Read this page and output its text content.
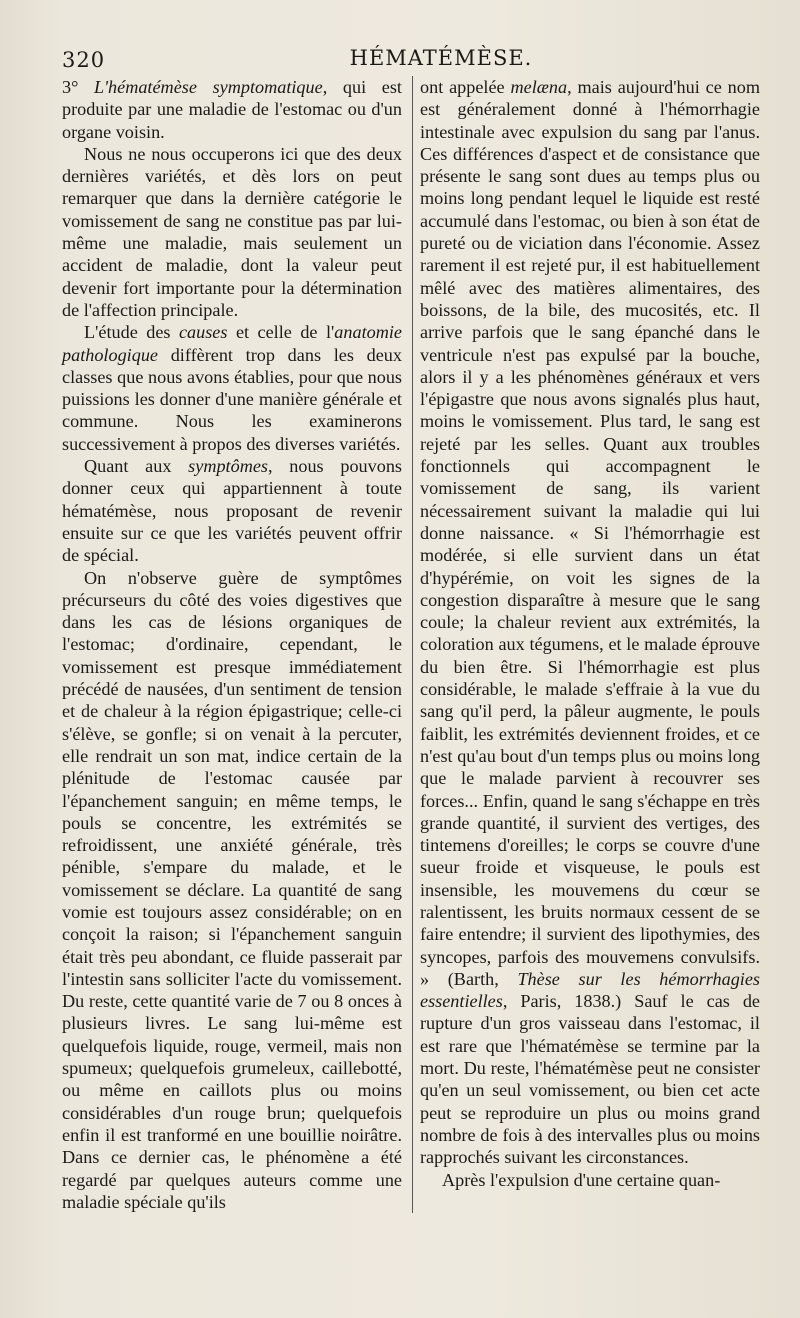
320	HÉMATÉMÈSE.

3° L'hématémèse symptomatique, qui est produite par une maladie de l'estomac ou d'un organe voisin.

Nous ne nous occuperons ici que des deux dernières variétés, et dès lors on peut remarquer que dans la dernière catégorie le vomissement de sang ne constitue pas par lui-même une maladie, mais seulement un accident de maladie, dont la valeur peut devenir fort importante pour la détermination de l'affection principale.

L'étude des causes et celle de l'anatomie pathologique diffèrent trop dans les deux classes que nous avons établies, pour que nous puissions les donner d'une manière générale et commune. Nous les examinerons successivement à propos des diverses variétés.

Quant aux symptômes, nous pouvons donner ceux qui appartiennent à toute hématémèse, nous proposant de revenir ensuite sur ce que les variétés peuvent offrir de spécial.

On n'observe guère de symptômes précurseurs du côté des voies digestives que dans les cas de lésions organiques de l'estomac; d'ordinaire, cependant, le vomissement est presque immédiatement précédé de nausées, d'un sentiment de tension et de chaleur à la région épigastrique; celle-ci s'élève, se gonfle; si on venait à la percuter, elle rendrait un son mat, indice certain de la plénitude de l'estomac causée par l'épanchement sanguin; en même temps, le pouls se concentre, les extrémités se refroidissent, une anxiété générale, très pénible, s'empare du malade, et le vomissement se déclare. La quantité de sang vomie est toujours assez considérable; on en conçoit la raison; si l'épanchement sanguin était très peu abondant, ce fluide passerait par l'intestin sans solliciter l'acte du vomissement. Du reste, cette quantité varie de 7 ou 8 onces à plusieurs livres. Le sang lui-même est quelquefois liquide, rouge, vermeil, mais non spumeux; quelquefois grumeleux, caillebotté, ou même en caillots plus ou moins considérables d'un rouge brun; quelquefois enfin il est tranformé en une bouillie noirâtre. Dans ce dernier cas, le phénomène a été regardé par quelques auteurs comme une maladie spéciale qu'ils

ont appelée melæna, mais aujourd'hui ce nom est généralement donné à l'hémorrhagie intestinale avec expulsion du sang par l'anus. Ces différences d'aspect et de consistance que présente le sang sont dues au temps plus ou moins long pendant lequel le liquide est resté accumulé dans l'estomac, ou bien à son état de pureté ou de viciation dans l'économie. Assez rarement il est rejeté pur, il est habituellement mêlé avec des matières alimentaires, des boissons, de la bile, des mucosités, etc. Il arrive parfois que le sang épanché dans le ventricule n'est pas expulsé par la bouche, alors il y a les phénomènes généraux et vers l'épigastre que nous avons signalés plus haut, moins le vomissement. Plus tard, le sang est rejeté par les selles. Quant aux troubles fonctionnels qui accompagnent le vomissement de sang, ils varient nécessairement suivant la maladie qui lui donne naissance. « Si l'hémorrhagie est modérée, si elle survient dans un état d'hypérémie, on voit les signes de la congestion disparaître à mesure que le sang coule; la chaleur revient aux extrémités, la coloration aux tégumens, et le malade éprouve du bien être. Si l'hémorrhagie est plus considérable, le malade s'effraie à la vue du sang qu'il perd, la pâleur augmente, le pouls faiblit, les extrémités deviennent froides, et ce n'est qu'au bout d'un temps plus ou moins long que le malade parvient à recouvrer ses forces... Enfin, quand le sang s'échappe en très grande quantité, il survient des vertiges, des tintemens d'oreilles; le corps se couvre d'une sueur froide et visqueuse, le pouls est insensible, les mouvemens du cœur se ralentissent, les bruits normaux cessent de se faire entendre; il survient des lipothymies, des syncopes, parfois des mouvemens convulsifs. » (Barth, Thèse sur les hémorrhagies essentielles, Paris, 1838.) Sauf le cas de rupture d'un gros vaisseau dans l'estomac, il est rare que l'hématémèse se termine par la mort. Du reste, l'hématémèse peut ne consister qu'en un seul vomissement, ou bien cet acte peut se reproduire un plus ou moins grand nombre de fois à des intervalles plus ou moins rapprochés suivant les circonstances.

Après l'expulsion d'une certaine quan-
